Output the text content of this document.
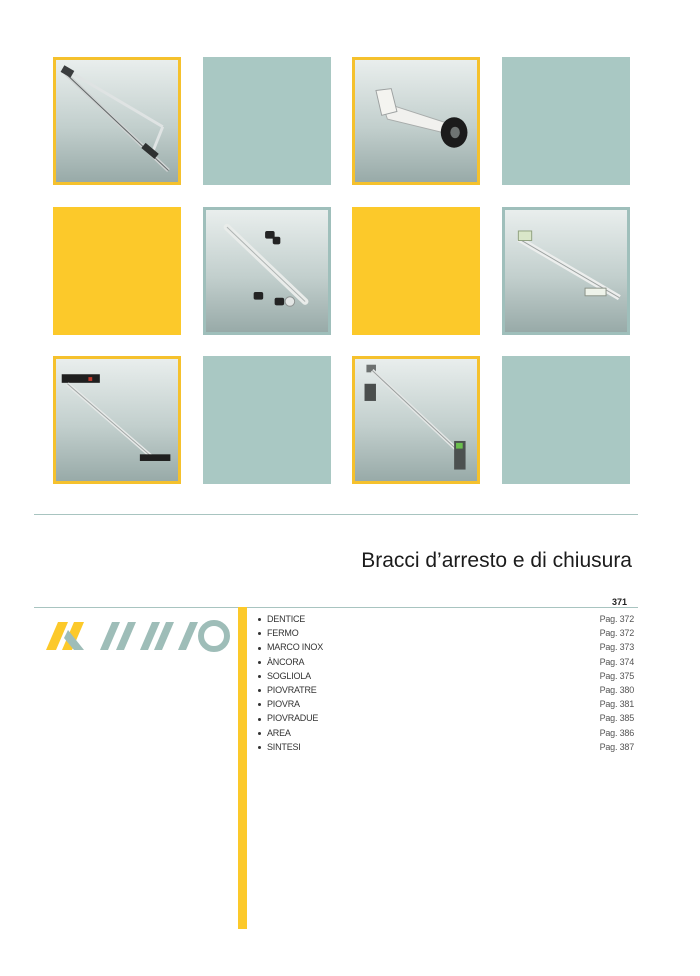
Bracci d’arresto e di chiusura
371
DENTICE	Pag. 372
FERMO	Pag. 372
MARCO INOX	Pag. 373
ÀNCORA	Pag. 374
SOGLIOLA	Pag. 375
PIOVRATRE	Pag. 380
PIOVRA	Pag. 381
PIOVRADUE	Pag. 385
AREA	Pag. 386
SINTESI	Pag. 387
